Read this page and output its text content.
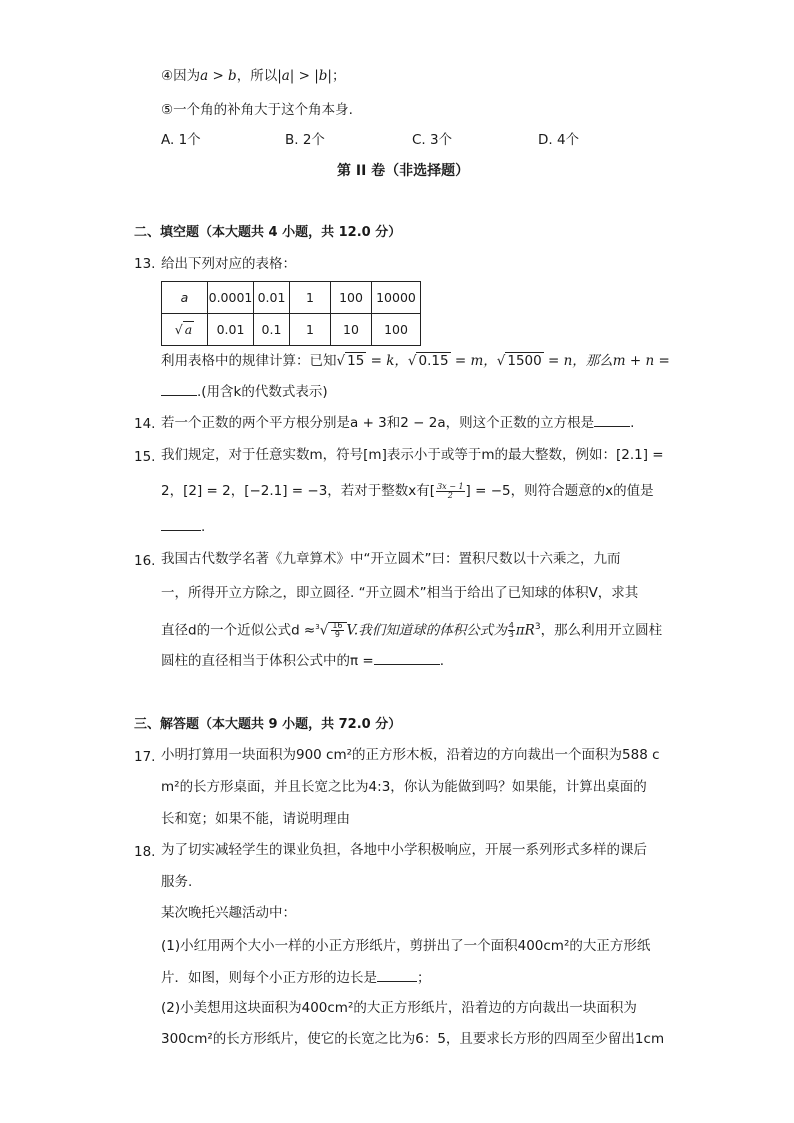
④因为a > b，所以|a| > |b|；
⑤一个角的补角大于这个角本身.
A. 1个	B. 2个	C. 3个	D. 4个
第 II 卷（非选择题）
二、填空题（本大题共 4 小题，共 12.0 分）
13. 给出下列对应的表格：
a	0.0001	0.01	1	100	10000
√ a	0.01	0.1	1	10	100
利用表格中的规律计算：已知√ 15 = k，√ 0.15 = m，√ 1500 = n，那么m + n =
.(用含k的代数式表示)
14. 若一个正数的两个平方根分别是a + 3和2 − 2a，则这个正数的立方根是	.
15. 我们规定，对于任意实数m，符号[m]表示小于或等于m的最大整数，例如：[2.1] =
2，[2] = 2，[−2.1] = −3，若对于整数x有[ $\frac{3x - 1}{2}$ ] = −5，则符合题意的x的值是
.
16. 我国古代数学名著《九章算术》中“开立圆术”曰：置积尺数以十六乘之，九而
一，所得开立方除之，即立圆径. “开立圆术”相当于给出了已知球的体积V，求其
直径d的一个近似公式$d \approx^3√ \frac{16}{9} V$.我们知道球的体积公式为 $\frac{4}{3} \pi R^3$，那么利用开立圆柱
圆柱的直径相当于体积公式中的π =	.
三、解答题（本大题共 9 小题，共 72.0 分）
17. 小明打算用一块面积为900 cm²的正方形木板，沿着边的方向裁出一个面积为588 c
m²的长方形桌面，并且长宽之比为4:3，你认为能做到吗？如果能，计算出桌面的
长和宽；如果不能，请说明理由
18. 为了切实减轻学生的课业负担，各地中小学积极响应，开展一系列形式多样的课后
服务.
某次晚托兴趣活动中：
(1)小红用两个大小一样的小正方形纸片，剪拼出了一个面积400cm²的大正方形纸
片．如图，则每个小正方形的边长是	；
(2)小美想用这块面积为400cm²的大正方形纸片，沿着边的方向裁出一块面积为
300cm²的长方形纸片，使它的长宽之比为6：5，且要求长方形的四周至少留出1cm
